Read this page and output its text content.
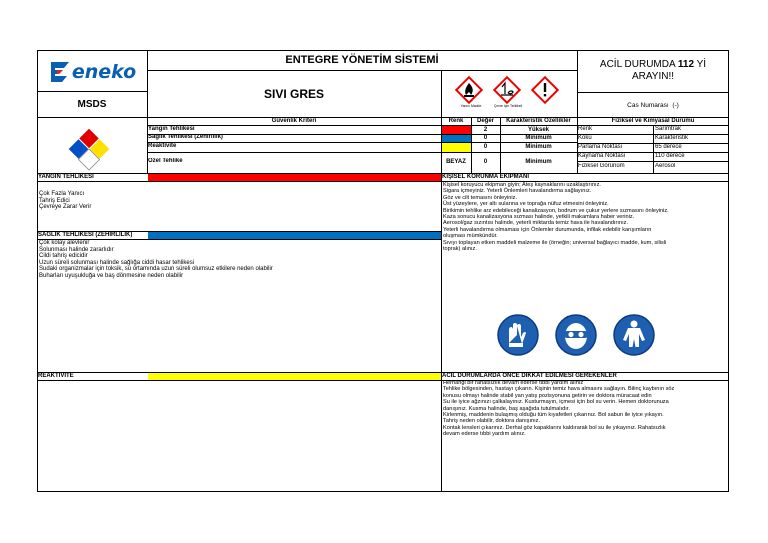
eneko
MSDS
ENTEGRE YÖNETİM SİSTEMİ
SIVI GRES
Yanıcı Madde	Çevre İçin Tehlikeli
ACİL DURUMDA 112 Yİ ARAYIN!!
Cas Numarası
(-)
Güvenlik Kriteri	Renk	Değer	Karakteristik Özellikler	Fiziksel ve Kimyasal Durumu
Yangın Tehlikesi	2	Yüksek
Sağlık Tehlikesi (Zehirlilik)	0	Minimum
Reaktivite	0	Minimum
Özel Tehlike	BEYAZ	0	Minimum
Renk	Sarımtrak
Koku	Karakteristik
Parlama Noktası	65 derece
Kaynama Noktası	110 derece
Fiziksel Görünüm	Aerosol
YANGIN TEHLİKESİ
Çok Fazla Yanıcı
Tahriş Edici
Çevreye Zarar Verir
SAĞLIK TEHLİKESİ (ZEHİRLİLİK)
Çok kolay alevlenir
Solunması halinde zararlıdır
Cildi tahriş edicidir
Uzun süreli solunması halinde sağlığa ciddi hasar tehlikesi
Sudaki organizmalar için toksik, su ortamında uzun süreli olumsuz etkilere neden olabilir
Buharları uyuşukluğa ve baş dönmesine neden olabilir
KİŞİSEL KORUNMA EKİPMANI
Kişisel koruyucu ekipman giyin; Ateş kaynaklarını uzaklaştırınız.
Sigara içmeyiniz. Yeterli Önlemleri havalandırma sağlayınız.
Göz ve cilt temasını önleyiniz.
Üst yüzeylere, yer altı sularına ve toprağa nüfuz etmesini önleyiniz.
Birikimin tehlike arz edebileceği kanalizasyon, bodrum ve çukur yerlere sızmasını önleyiniz.
Kaza sonucu kanalizasyona sızması halinde, yetkili makamlara haber veriniz.
Aerosol/gaz sızıntısı halinde, yeterli miktarda temiz hava ile havalandırınız.
Yeterli havalandırma olmaması için Önlemler durumunda, infilak edebilir karışımların
oluşması mümkündür.
Sıvıyı toplayan etken maddeli malzeme ile (örneğin; universal bağlayıcı madde, kum, silisli
toprak) alınız.
REAKTİVİTE	ACİL DURUMLARDA ÖNCE DİKKAT EDİLMESİ GEREKENLER
Herhangi bir rahatsızlık devam ederse tıbbi yardım alınız
Tehlike bölgesinden, hastayı çıkarın. Kişinin temiz hava almasını sağlayın. Bilinç kaybının söz
konusu olmayı halinde stabil yan yatış pozisyonuna getirin ve doktora müracaat edin
Su ile iyice ağzınızı çalkalayınız. Kusturmayın, içmesi için bol su verin. Hemen doktorunuza
danışınız. Kusma halinde, baş aşağıda tutulmalıdır.
Kirlenmiş, maddenin bulaşmış olduğu tüm kıyafetleri çıkarınız. Bol sabun ile iyice yıkayın.
Tahriş neden olabilir, doktora danışınız.
Kontak lensleri çıkarınız. Derhal göz kapaklarını kaldırarak bol su ile yıkayınız. Rahatsızlık
devam ederse tıbbi yardım alınız.
